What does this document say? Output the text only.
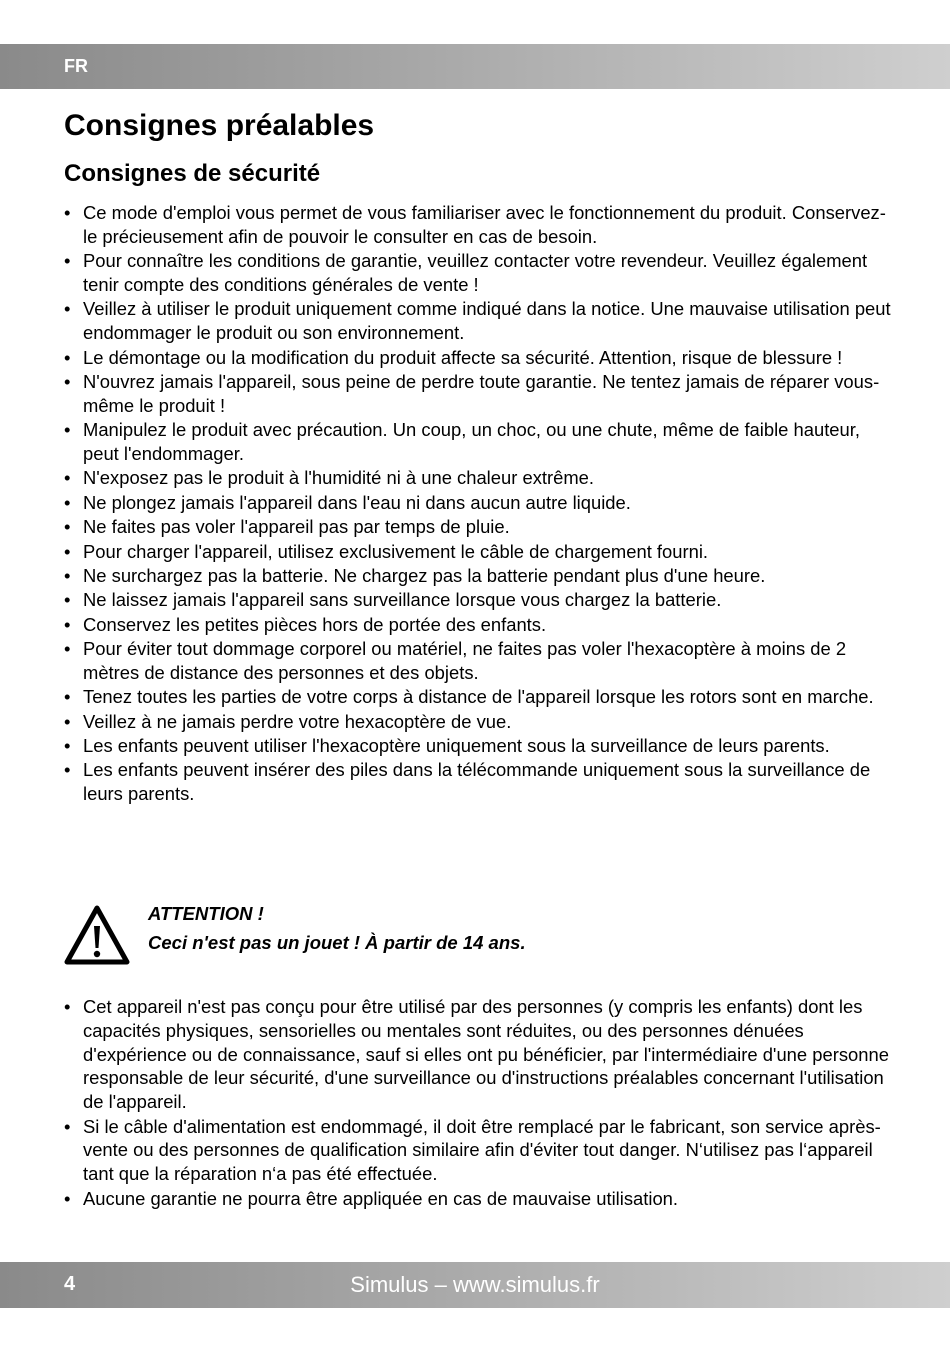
FR
Consignes préalables
Consignes de sécurité
• Ce mode d'emploi vous permet de vous familiariser avec le fonctionnement du produit. Conservez-le précieusement afin de pouvoir le consulter en cas de besoin.
• Pour connaître les conditions de garantie, veuillez contacter votre revendeur. Veuillez également tenir compte des conditions générales de vente !
• Veillez à utiliser le produit uniquement comme indiqué dans la notice. Une mauvaise utilisation peut endommager le produit ou son environnement.
• Le démontage ou la modification du produit affecte sa sécurité. Attention, risque de blessure !
• N'ouvrez jamais l'appareil, sous peine de perdre toute garantie. Ne tentez jamais de réparer vous-même le produit !
• Manipulez le produit avec précaution. Un coup, un choc, ou une chute, même de faible hauteur, peut l'endommager.
• N'exposez pas le produit à l'humidité ni à une chaleur extrême.
• Ne plongez jamais l'appareil dans l'eau ni dans aucun autre liquide.
• Ne faites pas voler l'appareil pas par temps de pluie.
• Pour charger l'appareil, utilisez exclusivement le câble de chargement fourni.
• Ne surchargez pas la batterie. Ne chargez pas la batterie pendant plus d'une heure.
• Ne laissez jamais l'appareil sans surveillance lorsque vous chargez la batterie.
• Conservez les petites pièces hors de portée des enfants.
• Pour éviter tout dommage corporel ou matériel, ne faites pas voler l'hexacoptère à moins de 2 mètres de distance des personnes et des objets.
• Tenez toutes les parties de votre corps à distance de l'appareil lorsque les rotors sont en marche.
• Veillez à ne jamais perdre votre hexacoptère de vue.
• Les enfants peuvent utiliser l'hexacoptère uniquement sous la surveillance de leurs parents.
• Les enfants peuvent insérer des piles dans la télécommande uniquement sous la surveillance de leurs parents.
ATTENTION !
Ceci n'est pas un jouet ! À partir de 14 ans.
• Cet appareil n'est pas conçu pour être utilisé par des personnes (y compris les enfants) dont les capacités physiques, sensorielles ou mentales sont réduites, ou des personnes dénuées d'expérience ou de connaissance, sauf si elles ont pu bénéficier, par l'intermédiaire d'une personne responsable de leur sécurité, d'une surveillance ou d'instructions préalables concernant l'utilisation de l'appareil.
• Si le câble d'alimentation est endommagé, il doit être remplacé par le fabricant, son service après-vente ou des personnes de qualification similaire afin d'éviter tout danger. N‘utilisez pas l‘appareil tant que la réparation n‘a pas été effectuée.
• Aucune garantie ne pourra être appliquée en cas de mauvaise utilisation.
4	Simulus – www.simulus.fr
